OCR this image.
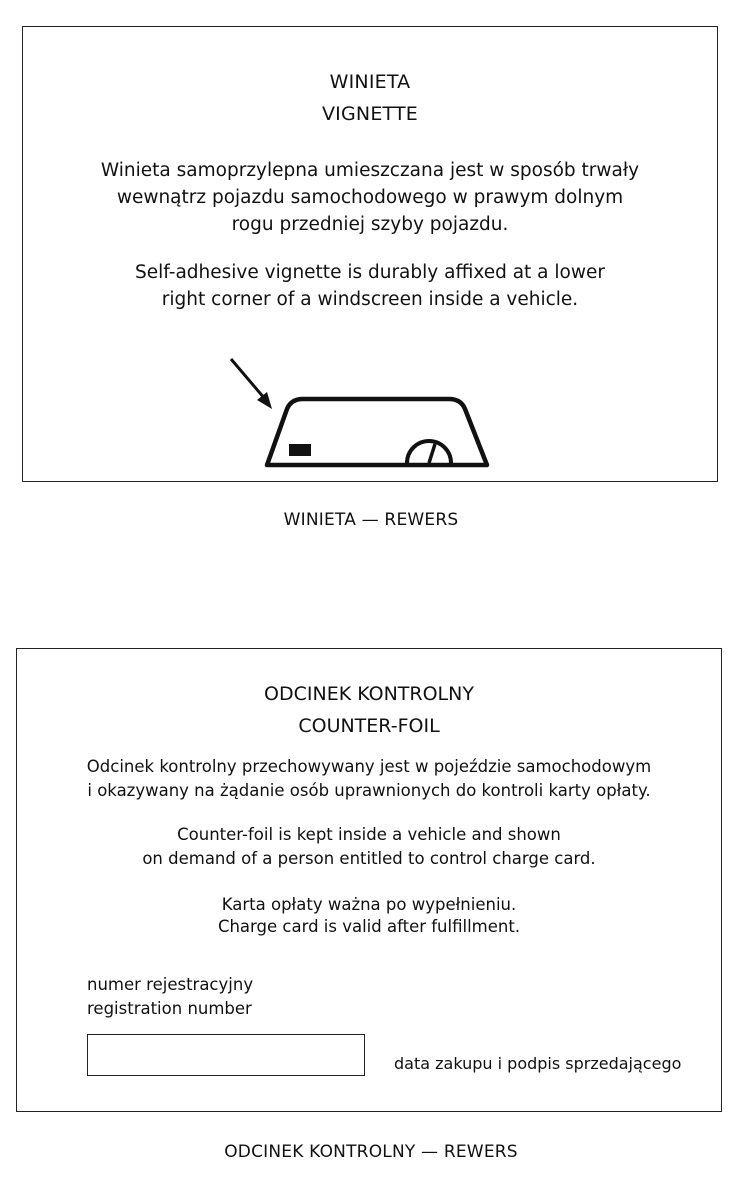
WINIETA
VIGNETTE
Winieta samoprzylepna umieszczana jest w sposób trwały
wewnątrz pojazdu samochodowego w prawym dolnym
rogu przedniej szyby pojazdu.
Self-adhesive vignette is durably affixed at a lower
right corner of a windscreen inside a vehicle.
WINIETA — REWERS
ODCINEK KONTROLNY
COUNTER-FOIL
Odcinek kontrolny przechowywany jest w pojeździe samochodowym
i okazywany na żądanie osób uprawnionych do kontroli karty opłaty.
Counter-foil is kept inside a vehicle and shown
on demand of a person entitled to control charge card.
Karta opłaty ważna po wypełnieniu.
Charge card is valid after fulfillment.
numer rejestracyjny
registration number
data zakupu i podpis sprzedającego
ODCINEK KONTROLNY — REWERS
